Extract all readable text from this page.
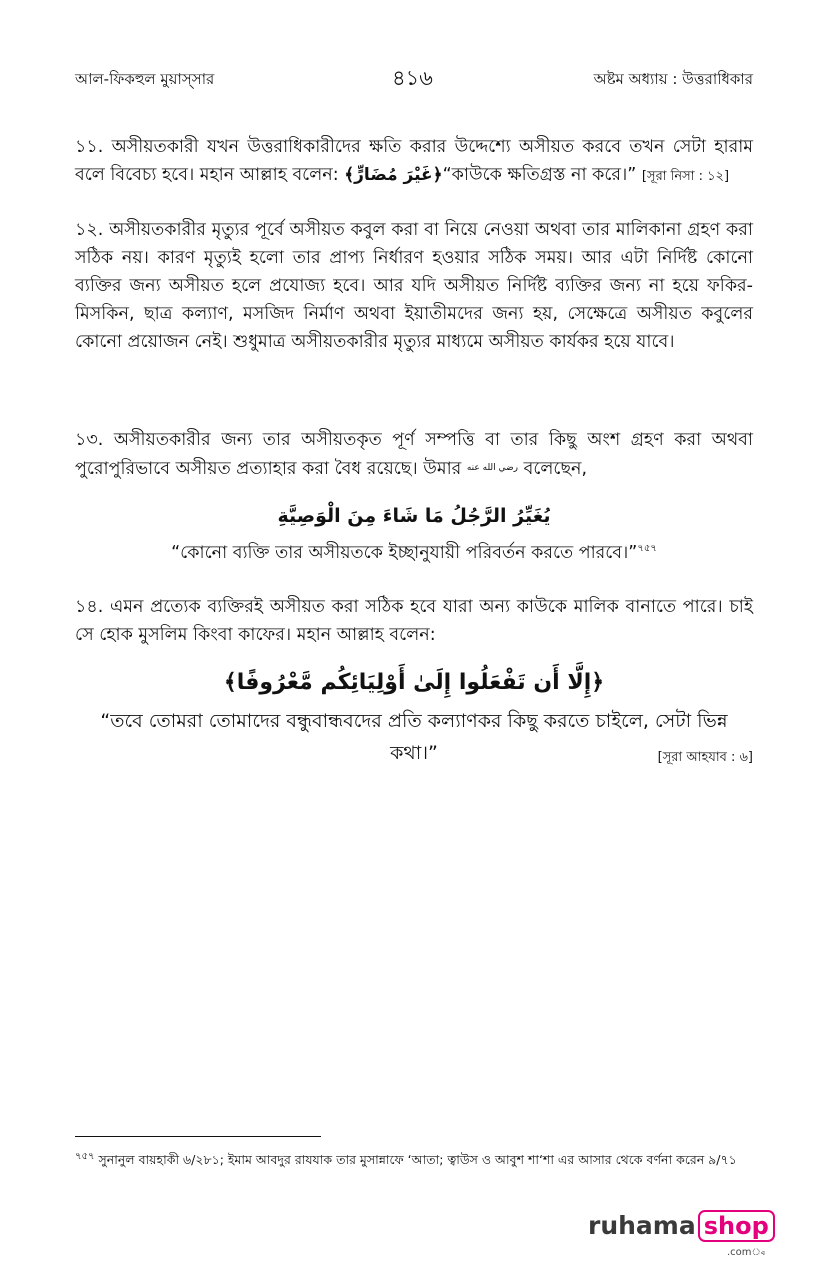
আল-ফিকহুল মুয়াস্সার	৪১৬	অষ্টম অধ্যায় : উত্তরাধিকার
১১. অসীয়তকারী যখন উত্তরাধিকারীদের ক্ষতি করার উদ্দেশ্যে অসীয়ত করবে তখন সেটা হারাম বলে বিবেচ্য হবে। মহান আল্লাহ বলেন: ﴿غَيْرَ مُضَارٍّ﴾“কাউকে ক্ষতিগ্রস্ত না করে।” [সূরা নিসা : ১২]
১২. অসীয়তকারীর মৃত্যুর পূর্বে অসীয়ত কবুল করা বা নিয়ে নেওয়া অথবা তার মালিকানা গ্রহণ করা সঠিক নয়। কারণ মৃত্যুই হলো তার প্রাপ্য নির্ধারণ হওয়ার সঠিক সময়। আর এটা নির্দিষ্ট কোনো ব্যক্তির জন্য অসীয়ত হলে প্রযোজ্য হবে। আর যদি অসীয়ত নির্দিষ্ট ব্যক্তির জন্য না হয়ে ফকির-মিসকিন, ছাত্র কল্যাণ, মসজিদ নির্মাণ অথবা ইয়াতীমদের জন্য হয়, সেক্ষেত্রে অসীয়ত কবুলের কোনো প্রয়োজন নেই। শুধুমাত্র অসীয়তকারীর মৃত্যুর মাধ্যমে অসীয়ত কার্যকর হয়ে যাবে।
১৩. অসীয়তকারীর জন্য তার অসীয়তকৃত পূর্ণ সম্পত্তি বা তার কিছু অংশ গ্রহণ করা অথবা পুরোপুরিভাবে অসীয়ত প্রত্যাহার করা বৈধ রয়েছে। উমার $^{رضي الله عنه}$ বলেছেন,
يُغَيِّرُ الرَّجُلُ مَا شَاءَ مِنَ الْوَصِيَّةِ
“কোনো ব্যক্তি তার অসীয়তকে ইচ্ছানুযায়ী পরিবর্তন করতে পারবে।”$^{৭৫৭}$
১৪. এমন প্রত্যেক ব্যক্তিরই অসীয়ত করা সঠিক হবে যারা অন্য কাউকে মালিক বানাতে পারে। চাই সে হোক মুসলিম কিংবা কাফের। মহান আল্লাহ বলেন:
﴿إِلَّا أَن تَفْعَلُوا إِلَىٰ أَوْلِيَائِكُم مَّعْرُوفًا﴾
“তবে তোমরা তোমাদের বন্ধুবান্ধবদের প্রতি কল্যাণকর কিছু করতে চাইলে, সেটা ভিন্ন কথা।”	[সূরা আহযাব : ৬]
$^{৭৫৭}$ সুনানুল বায়হাকী ৬/২৮১; ইমাম আবদুর রাযযাক তার মুসান্নাফে ‘আতা; ত্বাউস ও আবুশ শা‘শা এর আসার থেকে বর্ণনা করেন ৯/৭১
ruhama shop
.com্ব
